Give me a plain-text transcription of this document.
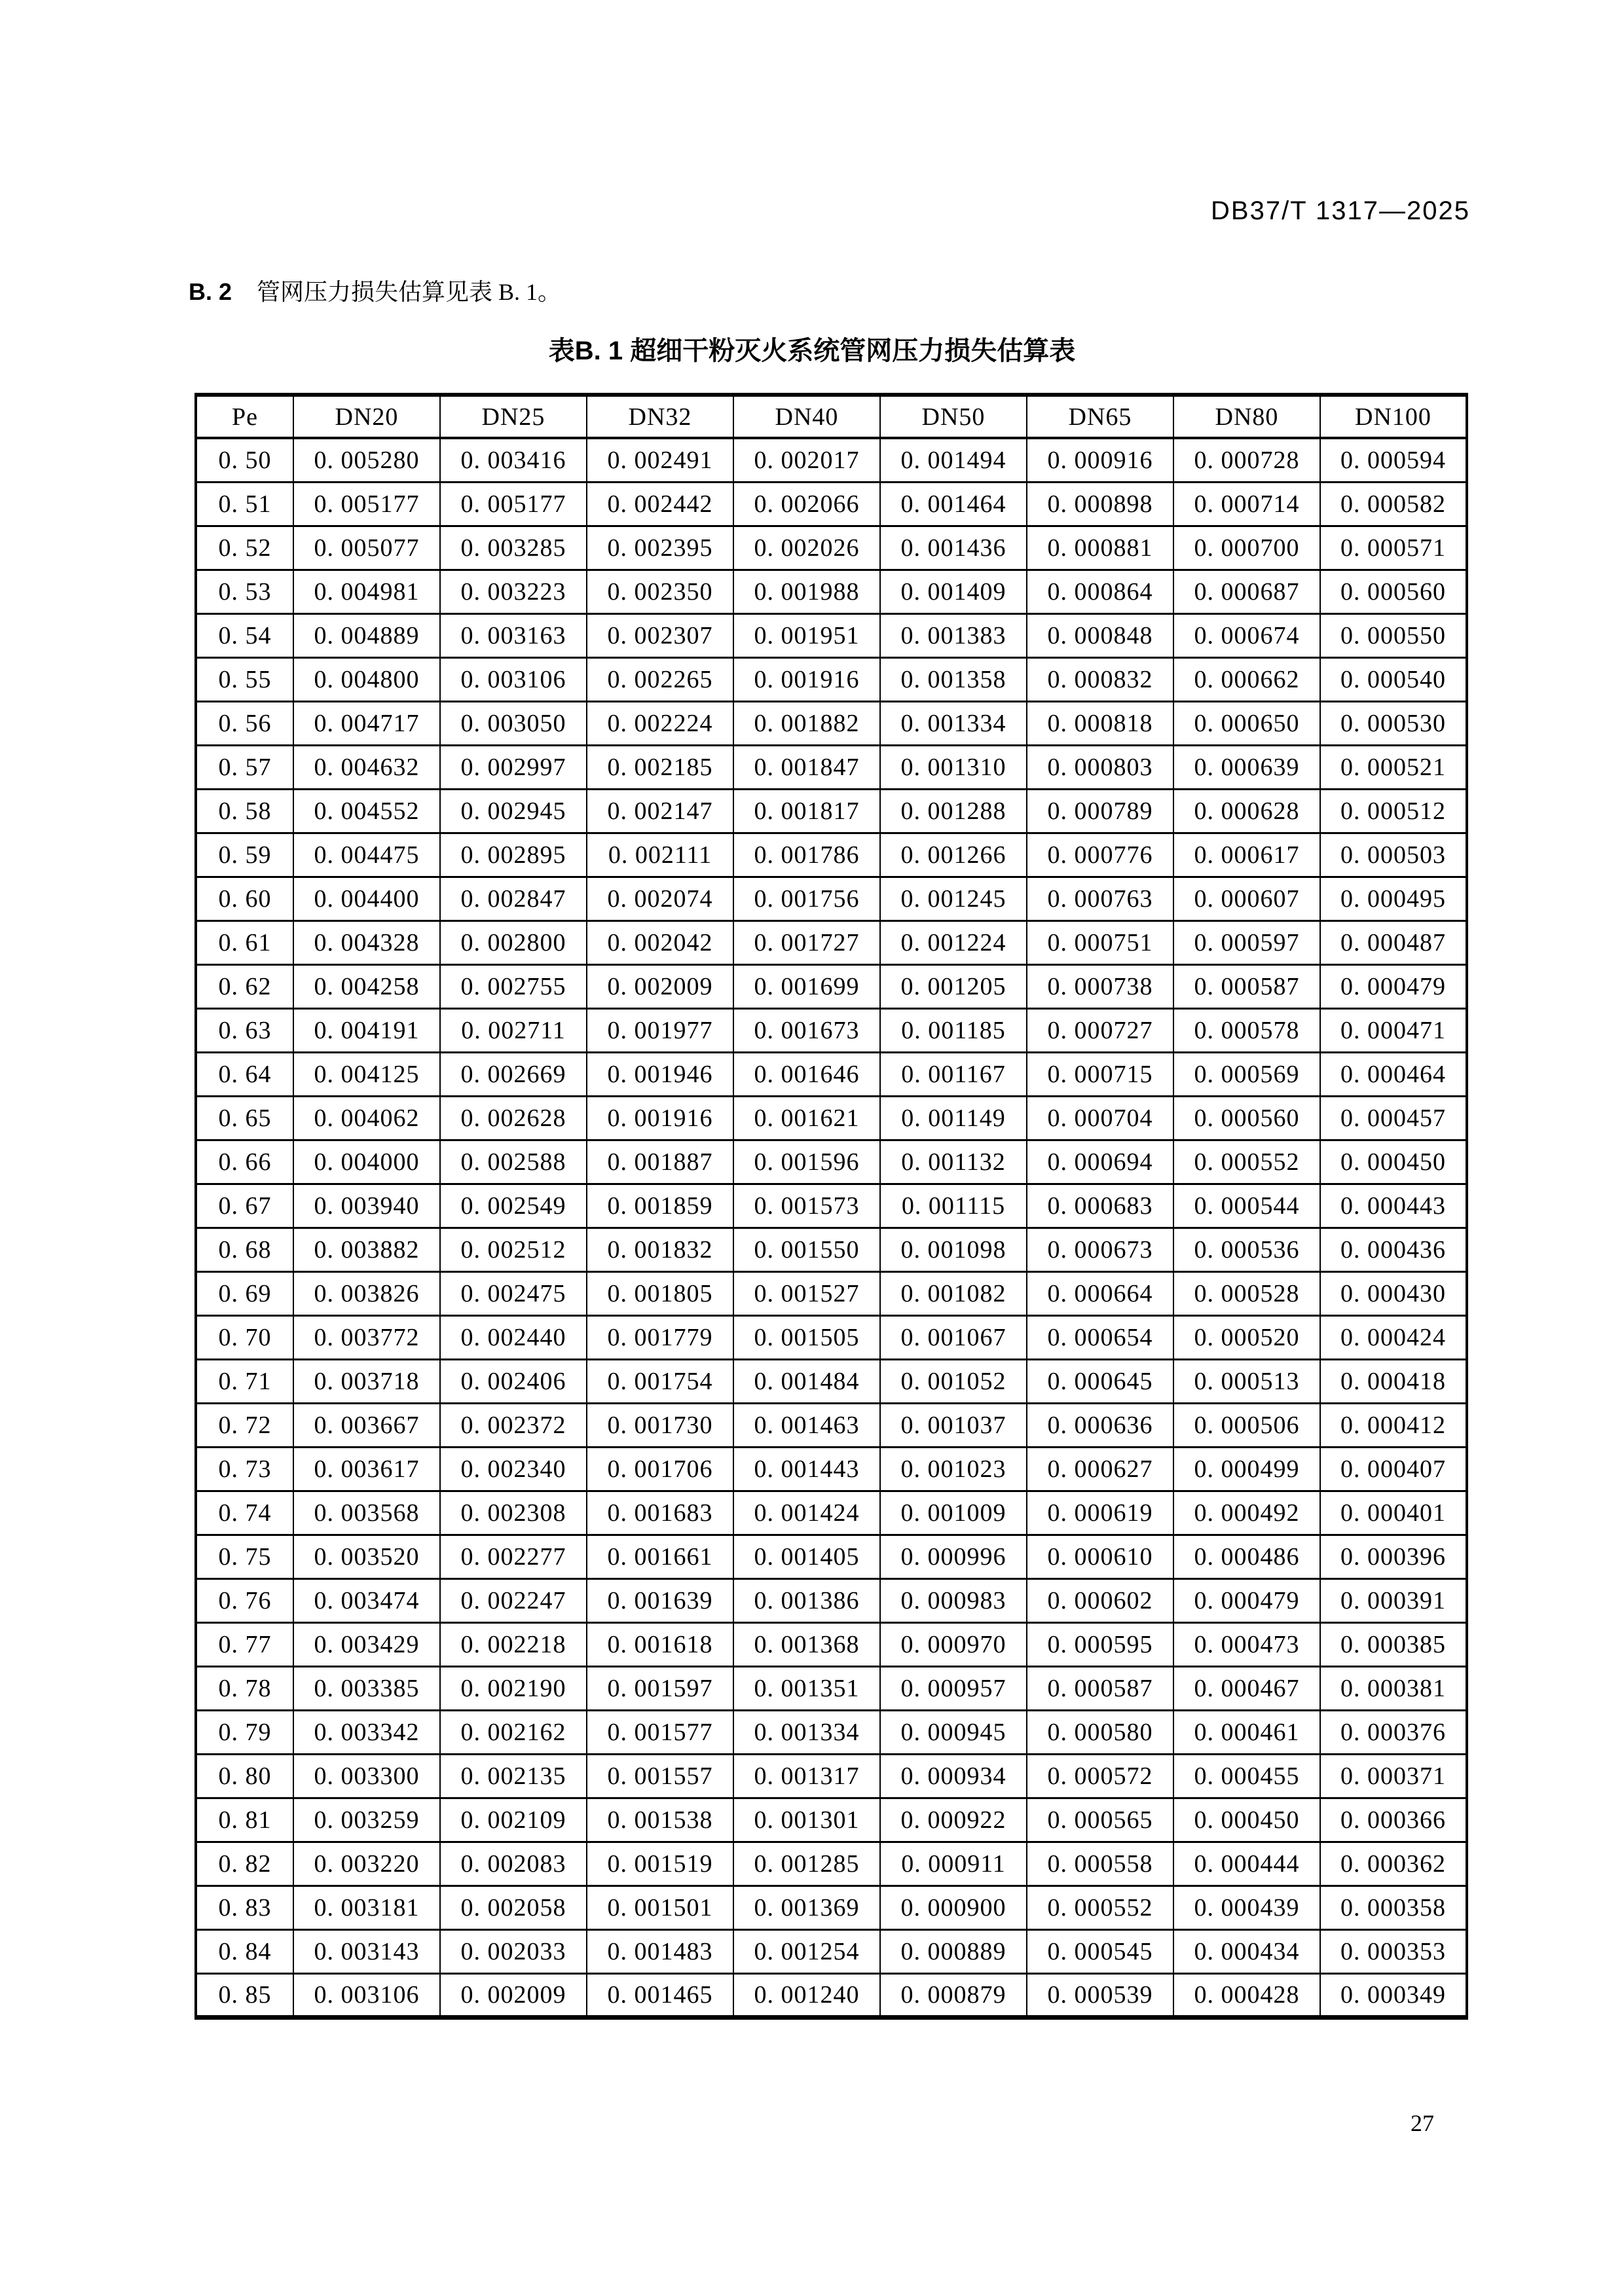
DB37/T 1317—2025

B. 2 管网压力损失估算见表 B. 1。

表B. 1 超细干粉灭火系统管网压力损失估算表
Pe	DN20	DN25	DN32	DN40	DN50	DN65	DN80	DN100
0. 50	0. 005280	0. 003416	0. 002491	0. 002017	0. 001494	0. 000916	0. 000728	0. 000594
0. 51	0. 005177	0. 005177	0. 002442	0. 002066	0. 001464	0. 000898	0. 000714	0. 000582
0. 52	0. 005077	0. 003285	0. 002395	0. 002026	0. 001436	0. 000881	0. 000700	0. 000571
0. 53	0. 004981	0. 003223	0. 002350	0. 001988	0. 001409	0. 000864	0. 000687	0. 000560
0. 54	0. 004889	0. 003163	0. 002307	0. 001951	0. 001383	0. 000848	0. 000674	0. 000550
0. 55	0. 004800	0. 003106	0. 002265	0. 001916	0. 001358	0. 000832	0. 000662	0. 000540
0. 56	0. 004717	0. 003050	0. 002224	0. 001882	0. 001334	0. 000818	0. 000650	0. 000530
0. 57	0. 004632	0. 002997	0. 002185	0. 001847	0. 001310	0. 000803	0. 000639	0. 000521
0. 58	0. 004552	0. 002945	0. 002147	0. 001817	0. 001288	0. 000789	0. 000628	0. 000512
0. 59	0. 004475	0. 002895	0. 002111	0. 001786	0. 001266	0. 000776	0. 000617	0. 000503
0. 60	0. 004400	0. 002847	0. 002074	0. 001756	0. 001245	0. 000763	0. 000607	0. 000495
0. 61	0. 004328	0. 002800	0. 002042	0. 001727	0. 001224	0. 000751	0. 000597	0. 000487
0. 62	0. 004258	0. 002755	0. 002009	0. 001699	0. 001205	0. 000738	0. 000587	0. 000479
0. 63	0. 004191	0. 002711	0. 001977	0. 001673	0. 001185	0. 000727	0. 000578	0. 000471
0. 64	0. 004125	0. 002669	0. 001946	0. 001646	0. 001167	0. 000715	0. 000569	0. 000464
0. 65	0. 004062	0. 002628	0. 001916	0. 001621	0. 001149	0. 000704	0. 000560	0. 000457
0. 66	0. 004000	0. 002588	0. 001887	0. 001596	0. 001132	0. 000694	0. 000552	0. 000450
0. 67	0. 003940	0. 002549	0. 001859	0. 001573	0. 001115	0. 000683	0. 000544	0. 000443
0. 68	0. 003882	0. 002512	0. 001832	0. 001550	0. 001098	0. 000673	0. 000536	0. 000436
0. 69	0. 003826	0. 002475	0. 001805	0. 001527	0. 001082	0. 000664	0. 000528	0. 000430
0. 70	0. 003772	0. 002440	0. 001779	0. 001505	0. 001067	0. 000654	0. 000520	0. 000424
0. 71	0. 003718	0. 002406	0. 001754	0. 001484	0. 001052	0. 000645	0. 000513	0. 000418
0. 72	0. 003667	0. 002372	0. 001730	0. 001463	0. 001037	0. 000636	0. 000506	0. 000412
0. 73	0. 003617	0. 002340	0. 001706	0. 001443	0. 001023	0. 000627	0. 000499	0. 000407
0. 74	0. 003568	0. 002308	0. 001683	0. 001424	0. 001009	0. 000619	0. 000492	0. 000401
0. 75	0. 003520	0. 002277	0. 001661	0. 001405	0. 000996	0. 000610	0. 000486	0. 000396
0. 76	0. 003474	0. 002247	0. 001639	0. 001386	0. 000983	0. 000602	0. 000479	0. 000391
0. 77	0. 003429	0. 002218	0. 001618	0. 001368	0. 000970	0. 000595	0. 000473	0. 000385
0. 78	0. 003385	0. 002190	0. 001597	0. 001351	0. 000957	0. 000587	0. 000467	0. 000381
0. 79	0. 003342	0. 002162	0. 001577	0. 001334	0. 000945	0. 000580	0. 000461	0. 000376
0. 80	0. 003300	0. 002135	0. 001557	0. 001317	0. 000934	0. 000572	0. 000455	0. 000371
0. 81	0. 003259	0. 002109	0. 001538	0. 001301	0. 000922	0. 000565	0. 000450	0. 000366
0. 82	0. 003220	0. 002083	0. 001519	0. 001285	0. 000911	0. 000558	0. 000444	0. 000362
0. 83	0. 003181	0. 002058	0. 001501	0. 001369	0. 000900	0. 000552	0. 000439	0. 000358
0. 84	0. 003143	0. 002033	0. 001483	0. 001254	0. 000889	0. 000545	0. 000434	0. 000353
0. 85	0. 003106	0. 002009	0. 001465	0. 001240	0. 000879	0. 000539	0. 000428	0. 000349
27
